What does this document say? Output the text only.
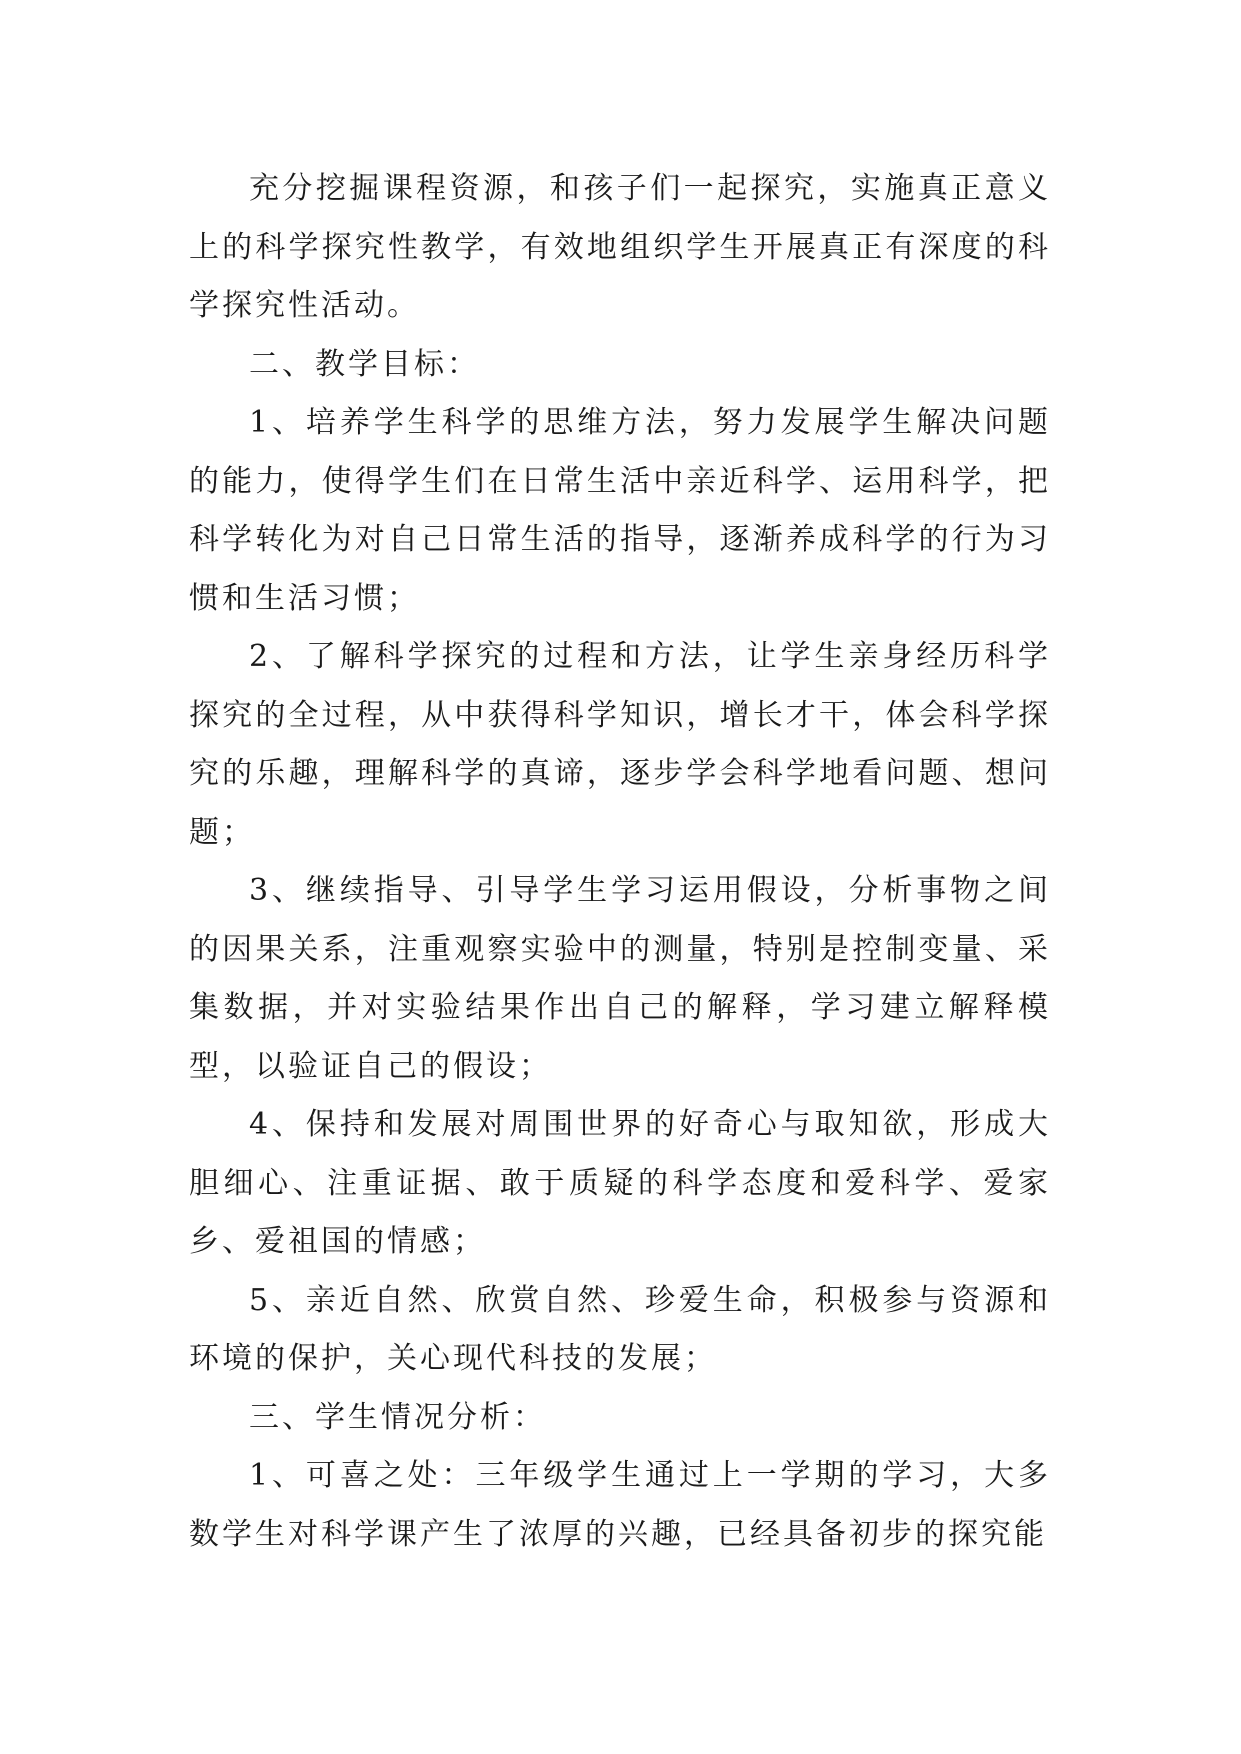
充分挖掘课程资源，和孩子们一起探究，实施真正意义上的科学探究性教学，有效地组织学生开展真正有深度的科学探究性活动。

二、教学目标：

1、培养学生科学的思维方法，努力发展学生解决问题的能力，使得学生们在日常生活中亲近科学、运用科学，把科学转化为对自己日常生活的指导，逐渐养成科学的行为习惯和生活习惯；

2、了解科学探究的过程和方法，让学生亲身经历科学探究的全过程，从中获得科学知识，增长才干，体会科学探究的乐趣，理解科学的真谛，逐步学会科学地看问题、想问题；

3、继续指导、引导学生学习运用假设，分析事物之间的因果关系，注重观察实验中的测量，特别是控制变量、采集数据，并对实验结果作出自己的解释，学习建立解释模型，以验证自己的假设；

4、保持和发展对周围世界的好奇心与取知欲，形成大胆细心、注重证据、敢于质疑的科学态度和爱科学、爱家乡、爱祖国的情感；

5、亲近自然、欣赏自然、珍爱生命，积极参与资源和环境的保护，关心现代科技的发展；

三、学生情况分析：

1、可喜之处：三年级学生通过上一学期的学习，大多数学生对科学课产生了浓厚的兴趣，已经具备初步的探究能
